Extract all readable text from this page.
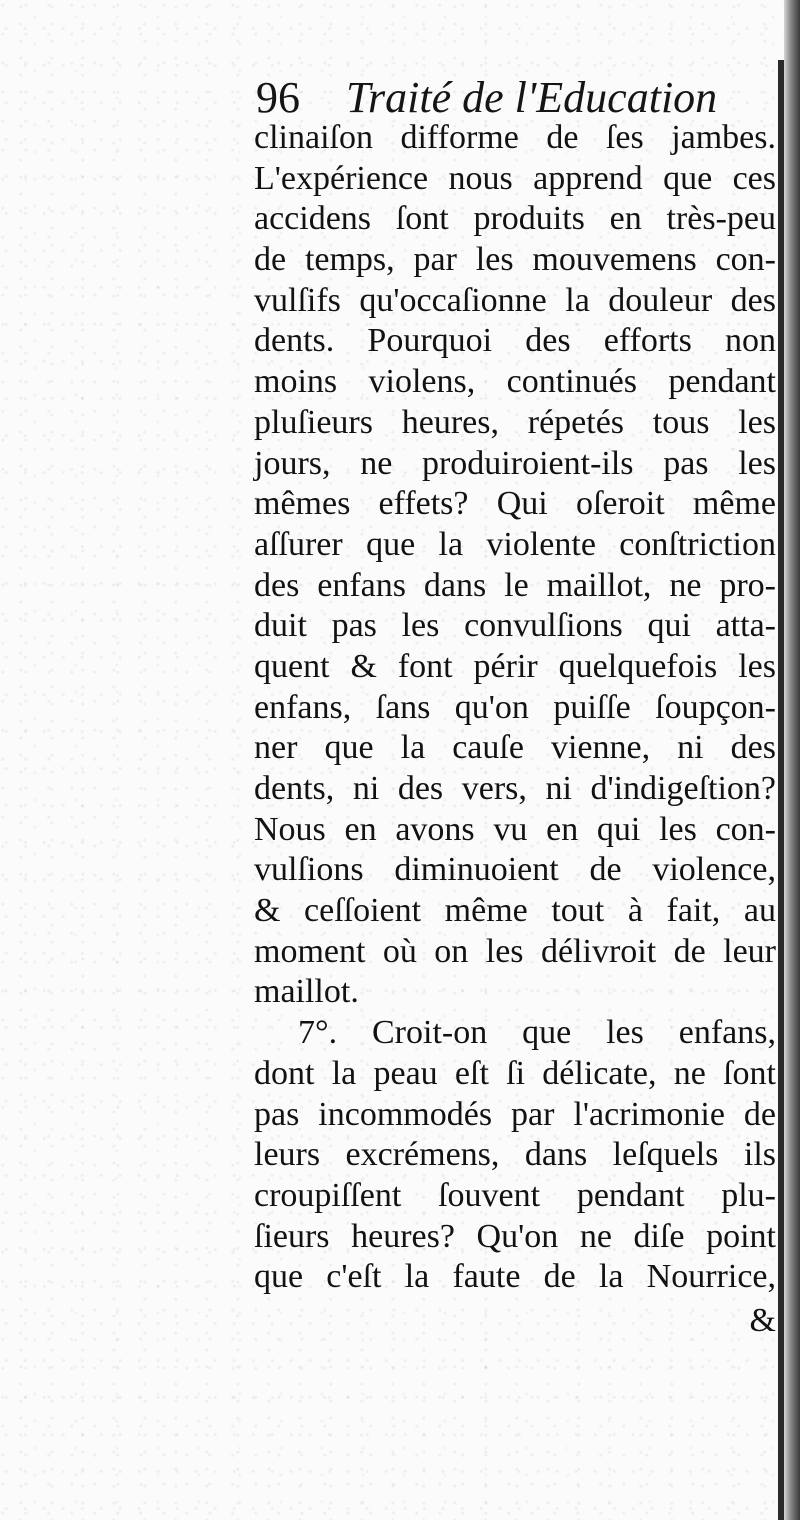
96 Traité de l'Education
clinaiſon difforme de ſes jambes.
L'expérience nous apprend que ces
accidens ſont produits en très-peu
de temps, par les mouvemens con-
vulſifs qu'occaſionne la douleur des
dents. Pourquoi des efforts non
moins violens, continués pendant
pluſieurs heures, répetés tous les
jours, ne produiroient-ils pas les
mêmes effets? Qui oſeroit même
aſſurer que la violente conſtriction
des enfans dans le maillot, ne pro-
duit pas les convulſions qui atta-
quent & font périr quelquefois les
enfans, ſans qu'on puiſſe ſoupçon-
ner que la cauſe vienne, ni des
dents, ni des vers, ni d'indigeſtion?
Nous en avons vu en qui les con-
vulſions diminuoient de violence,
& ceſſoient même tout à fait, au
moment où on les délivroit de leur
maillot.
7°. Croit-on que les enfans,
dont la peau eſt ſi délicate, ne ſont
pas incommodés par l'acrimonie de
leurs excrémens, dans leſquels ils
croupiſſent ſouvent pendant plu-
ſieurs heures? Qu'on ne diſe point
que c'eſt la faute de la Nourrice,
&
